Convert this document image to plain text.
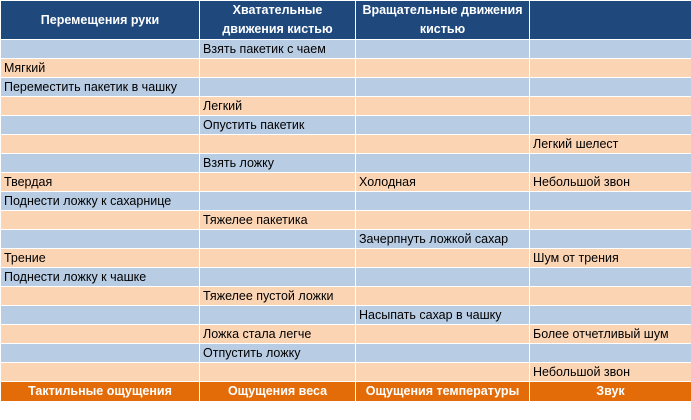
Перемещения руки	Хватательные движения кистью	Вращательные движения кистью	
	Взять пакетик с чаем		
Мягкий			
Переместить пакетик в чашку			
	Легкий		
	Опустить пакетик		
			Легкий шелест
	Взять ложку		
Твердая		Холодная	Небольшой звон
Поднести ложку к сахарнице			
	Тяжелее пакетика		
		Зачерпнуть ложкой сахар	
Трение			Шум от трения
Поднести ложку к чашке			
	Тяжелее пустой ложки		
		Насыпать сахар в чашку	
	Ложка стала легче		Более отчетливый шум
	Отпустить ложку		
			Небольшой звон
Тактильные ощущения	Ощущения веса	Ощущения температуры	Звук
